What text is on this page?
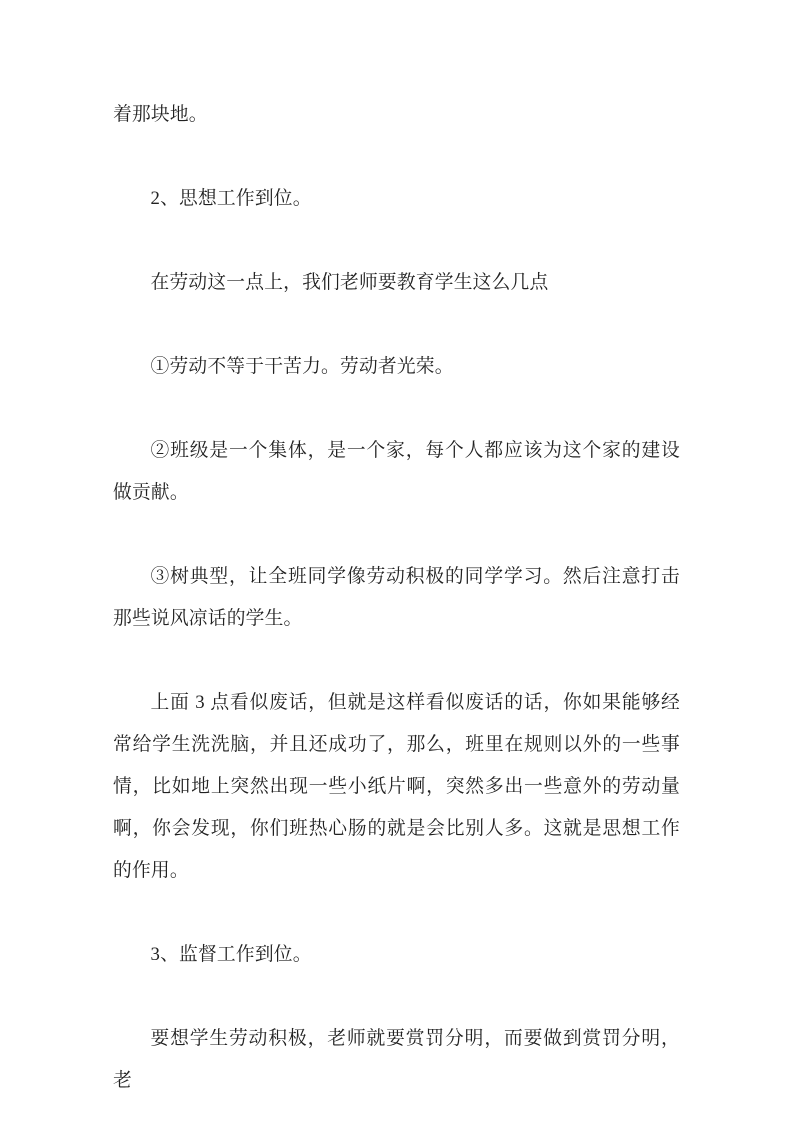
着那块地。

2、思想工作到位。

在劳动这一点上，我们老师要教育学生这么几点

①劳动不等于干苦力。劳动者光荣。

②班级是一个集体，是一个家，每个人都应该为这个家的建设做贡献。

③树典型，让全班同学像劳动积极的同学学习。然后注意打击那些说风凉话的学生。

上面 3 点看似废话，但就是这样看似废话的话，你如果能够经常给学生洗洗脑，并且还成功了，那么，班里在规则以外的一些事情，比如地上突然出现一些小纸片啊，突然多出一些意外的劳动量啊，你会发现，你们班热心肠的就是会比别人多。这就是思想工作的作用。

3、监督工作到位。

要想学生劳动积极，老师就要赏罚分明，而要做到赏罚分明，老
